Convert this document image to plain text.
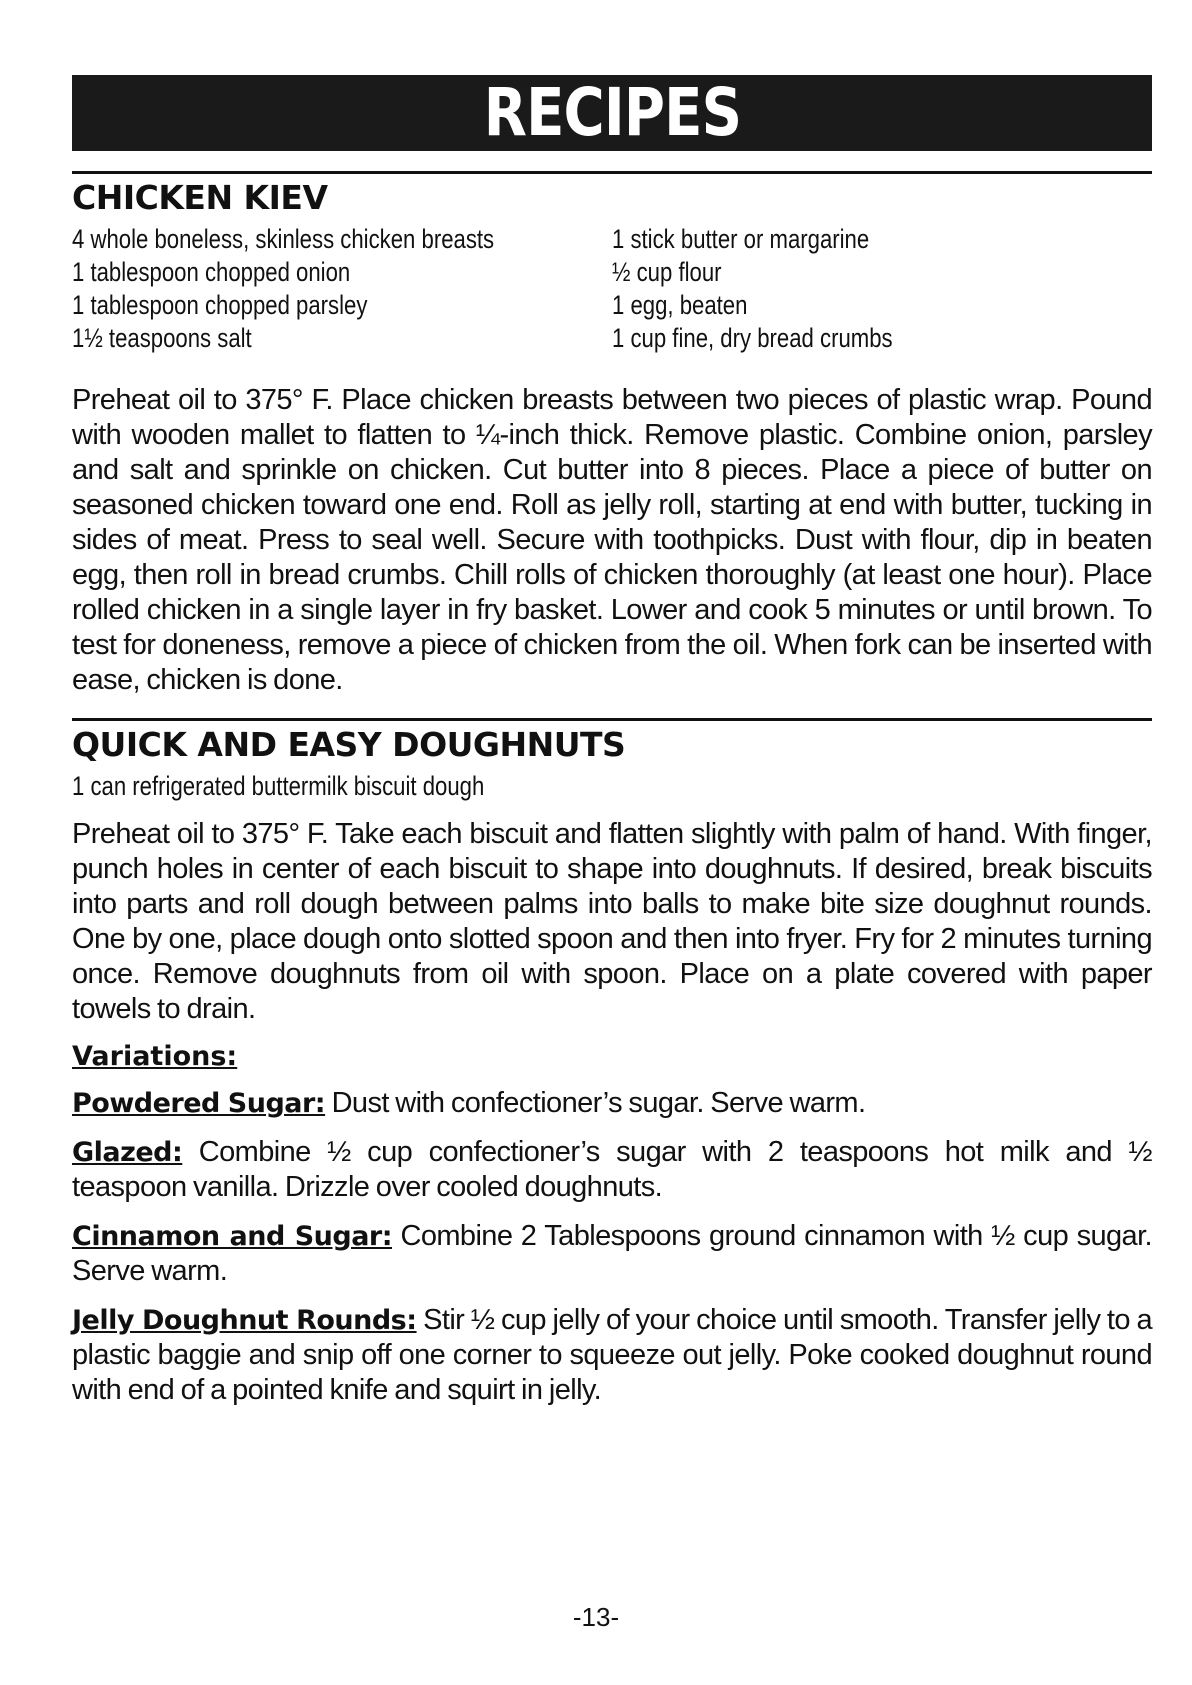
RECIPES
CHICKEN KIEV
4 whole boneless, skinless chicken breasts
1 tablespoon chopped onion
1 tablespoon chopped parsley
1½ teaspoons salt
1 stick butter or margarine
½ cup flour
1 egg, beaten
1 cup fine, dry bread crumbs
Preheat oil to 375° F. Place chicken breasts between two pieces of plastic wrap. Pound with wooden mallet to flatten to ¼-inch thick. Remove plastic. Combine onion, parsley and salt and sprinkle on chicken. Cut butter into 8 pieces. Place a piece of butter on seasoned chicken toward one end. Roll as jelly roll, starting at end with butter, tucking in sides of meat. Press to seal well. Secure with toothpicks. Dust with flour, dip in beaten egg, then roll in bread crumbs. Chill rolls of chicken thoroughly (at least one hour). Place rolled chicken in a single layer in fry basket. Lower and cook 5 minutes or until brown. To test for doneness, remove a piece of chicken from the oil. When fork can be inserted with ease, chicken is done.
QUICK AND EASY DOUGHNUTS
1 can refrigerated buttermilk biscuit dough
Preheat oil to 375° F. Take each biscuit and flatten slightly with palm of hand. With finger, punch holes in center of each biscuit to shape into doughnuts. If desired, break biscuits into parts and roll dough between palms into balls to make bite size doughnut rounds. One by one, place dough onto slotted spoon and then into fryer. Fry for 2 minutes turning once. Remove doughnuts from oil with spoon. Place on a plate covered with paper towels to drain.
Variations:
Powdered Sugar: Dust with confectioner’s sugar. Serve warm.
Glazed: Combine ½ cup confectioner’s sugar with 2 teaspoons hot milk and ½ teaspoon vanilla. Drizzle over cooled doughnuts.
Cinnamon and Sugar: Combine 2 Tablespoons ground cinnamon with ½ cup sugar. Serve warm.
Jelly Doughnut Rounds: Stir ½ cup jelly of your choice until smooth. Transfer jelly to a plastic baggie and snip off one corner to squeeze out jelly. Poke cooked doughnut round with end of a pointed knife and squirt in jelly.
-13-
